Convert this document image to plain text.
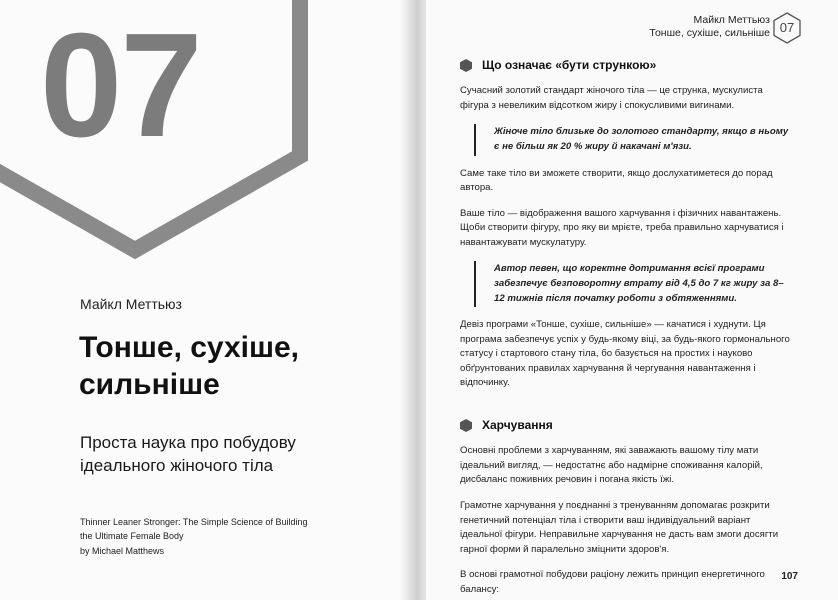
07
Майкл Меттьюз
Тонше, сухіше,
сильніше
Проста наука про побудову
ідеального жіночого тіла
Thinner Leaner Stronger: The Simple Science of Building
the Ultimate Female Body
by Michael Matthews
Майкл Меттьюз
Тонше, сухіше, сильніше 07
Що означає «бути стрункою»

Сучасний золотий стандарт жіночого тіла — це струнка, мускулиста фігура з невеликим відсотком жиру і спокусливими вигинами.

Жіноче тіло близьке до золотого стандарту, якщо в ньому є не більш як 20 % жиру й накачані м'язи.

Саме таке тіло ви зможете створити, якщо дослухатиметеся до порад автора.

Ваше тіло — відображення вашого харчування і фізичних навантажень. Щоби створити фігуру, про яку ви мрієте, треба правильно харчуватися і навантажувати мускулатуру.

Автор певен, що коректне дотримання всієї програми забезпечує безповоротну втрату від 4,5 до 7 кг жиру за 8–12 тижнів після початку роботи з обтяженнями.

Девіз програми «Тонше, сухіше, сильніше» — качатися і худнути. Ця програма забезпечує успіх у будь-якому віці, за будь-якого гормонального статусу і стартового стану тіла, бо базується на простих і науково обґрунтованих правилах харчування й чергування навантаження і відпочинку.

Харчування

Основні проблеми з харчуванням, які заважають вашому тілу мати ідеальний вигляд, — недостатнє або надмірне споживання калорій, дисбаланс поживних речовин і погана якість їжі.

Грамотне харчування у поєднанні з тренуванням допомагає розкрити генетичний потенціал тіла і створити ваш індивідуальний варіант ідеальної фігури. Неправильне харчування не дасть вам змоги досягти гарної форми й паралельно зміцнити здоров'я.

В основі грамотної побудови раціону лежить принцип енергетичного балансу:

107
